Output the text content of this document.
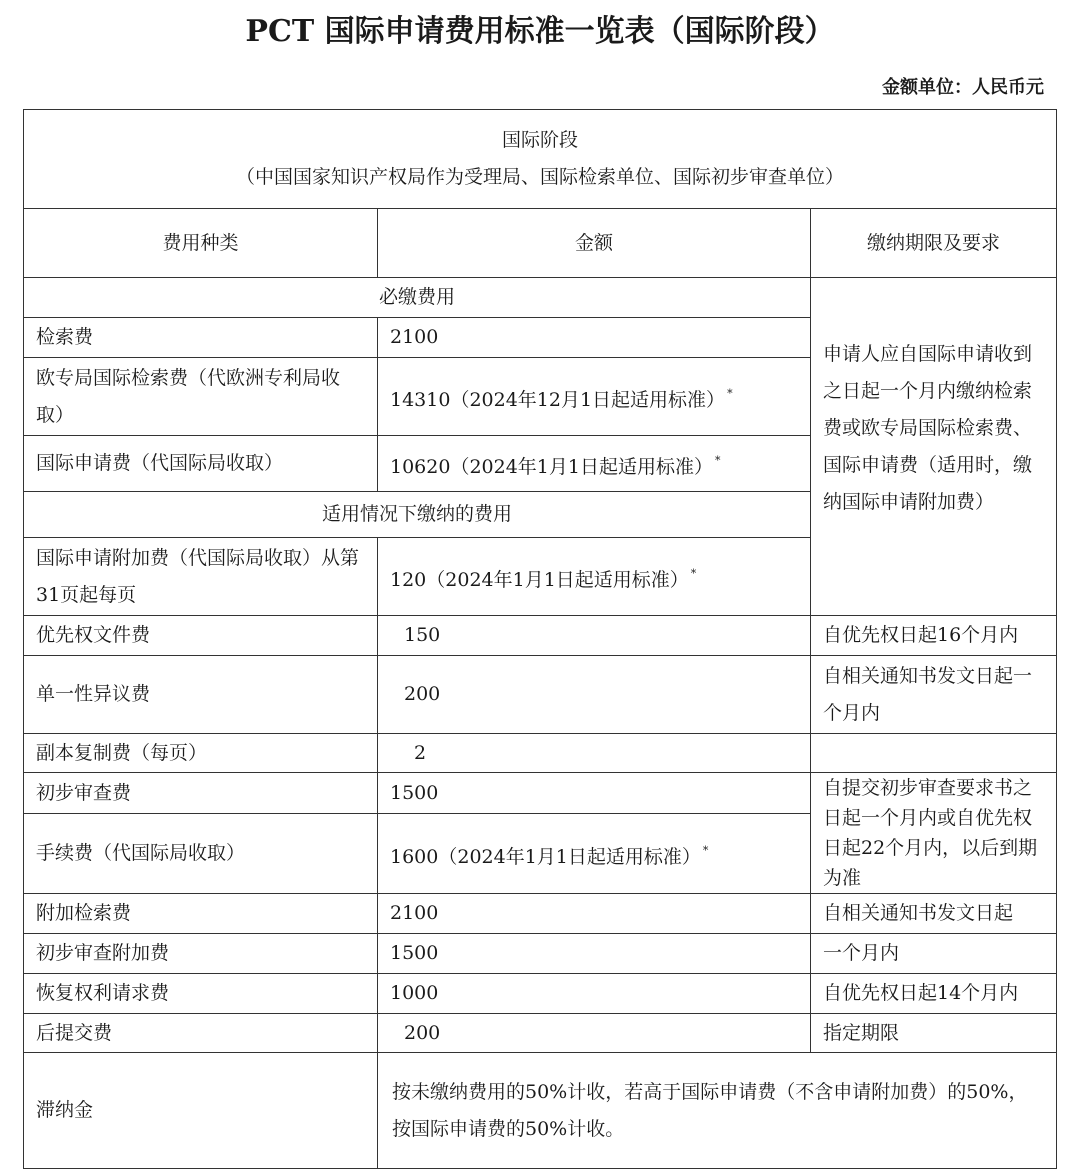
PCT 国际申请费用标准一览表（国际阶段）
金额单位：人民币元
国际阶段
（中国国家知识产权局作为受理局、国际检索单位、国际初步审查单位）		

费用种类	金额	缴纳期限及要求
必缴费用		申请人应自国际申请收到之日起一个月内缴纳检索费或欧专局国际检索费、国际申请费（适用时，缴纳国际申请附加费）
检索费	2100	
欧专局国际检索费（代欧洲专利局收取）	14310（2024年12月1日起适用标准） *
国际申请费（代国际局收取）	10620（2024年1月1日起适用标准） *
适用情况下缴纳的费用		
国际申请附加费（代国际局收取）从第31页起每页	120（2024年1月1日起适用标准） *
优先权文件费	150	自优先权日起16个月内
单一性异议费	200	自相关通知书发文日起一个月内
副本复制费（每页）	2	
初步审查费	1500	自提交初步审查要求书之日起一个月内或自优先权日起22个月内，以后到期为准
手续费（代国际局收取）	1600（2024年1月1日起适用标准） *
附加检索费	2100	自相关通知书发文日起
初步审查附加费	1500	一个月内
恢复权利请求费	1000	自优先权日起14个月内
后提交费	200	指定期限
滞纳金	按未缴纳费用的50%计收，若高于国际申请费（不含申请附加费）的50%，按国际申请费的50%计收。	
